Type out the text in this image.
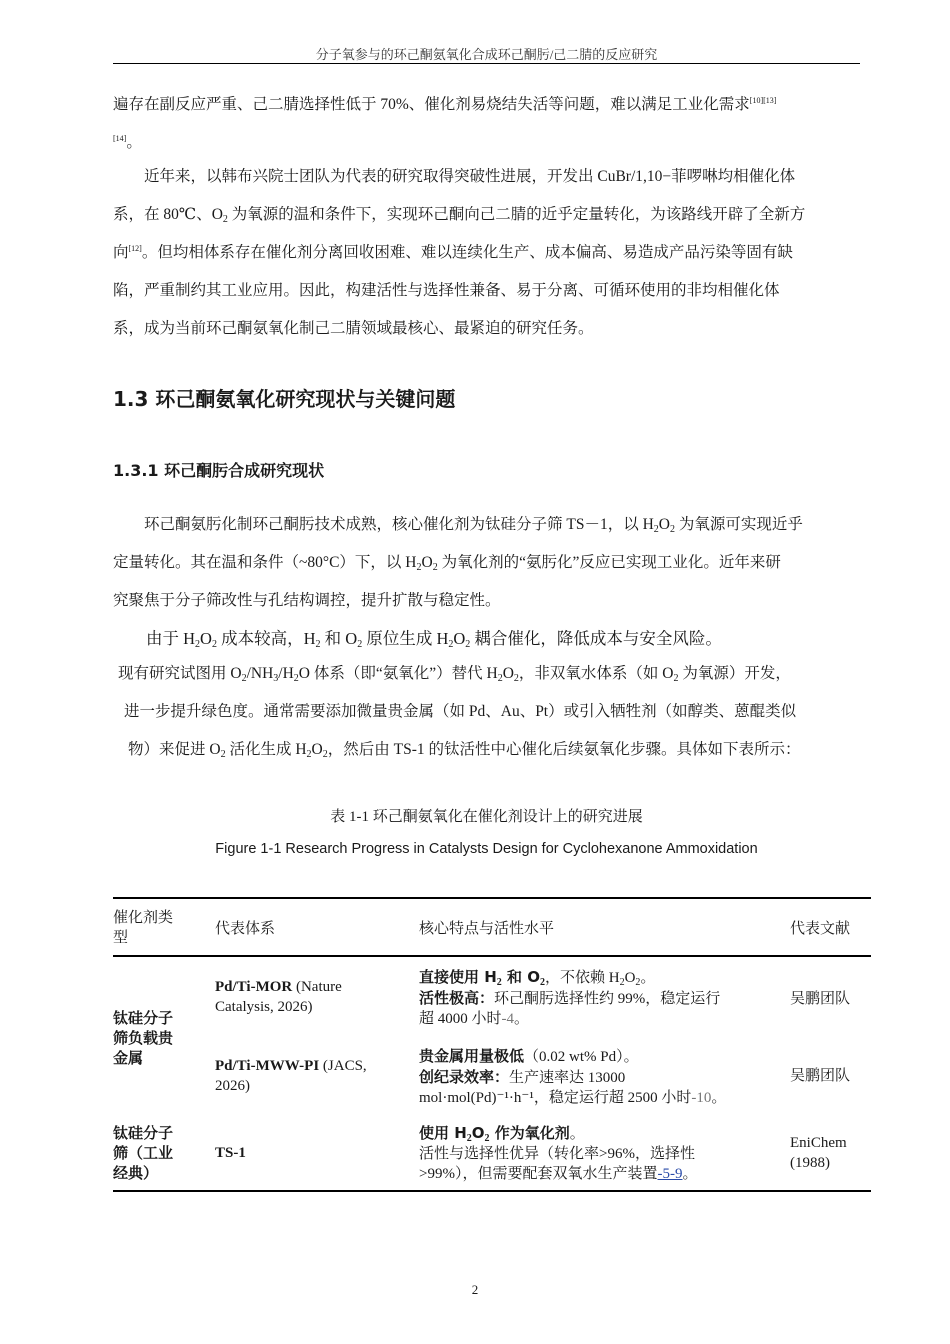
分子氧参与的环己酮氨氧化合成环己酮肟/己二腈的反应研究
遍存在副反应严重、己二腈选择性低于 70%、催化剂易烧结失活等问题，难以满足工业化需求[10][13]
[14]。
近年来，以韩布兴院士团队为代表的研究取得突破性进展，开发出 CuBr/1,10−菲啰啉均相催化体
系，在 80℃、$O_2$ 为氧源的温和条件下，实现环己酮向己二腈的近乎定量转化，为该路线开辟了全新方
向[12]。但均相体系存在催化剂分离回收困难、难以连续化生产、成本偏高、易造成产品污染等固有缺
陷，严重制约其工业应用。因此，构建活性与选择性兼备、易于分离、可循环使用的非均相催化体
系，成为当前环己酮氨氧化制己二腈领域最核心、最紧迫的研究任务。
1.3 环己酮氨氧化研究现状与关键问题
1.3.1 环己酮肟合成研究现状
环己酮氨肟化制环己酮肟技术成熟，核心催化剂为钛硅分子筛 TS－1，以 $H_2O_2$ 为氧源可实现近乎
定量转化。其在温和条件（~80°C）下，以 $H_2O_2$ 为氧化剂的“氨肟化”反应已实现工业化。近年来研
究聚焦于分子筛改性与孔结构调控，提升扩散与稳定性。
由于 $H_2O_2$ 成本较高，$H_2$ 和 $O_2$ 原位生成 $H_2O_2$ 耦合催化，降低成本与安全风险。
现有研究试图用 $O_2/NH_3/H_2O$ 体系（即“氨氧化”）替代 $H_2O_2$，非双氧水体系（如 $O_2$ 为氧源）开发，
进一步提升绿色度。通常需要添加微量贵金属（如 Pd、Au、Pt）或引入牺牲剂（如醇类、蒽醌类似
物）来促进 $O_2$ 活化生成 $H_2O_2$，然后由 TS-1 的钛活性中心催化后续氨氧化步骤。具体如下表所示：
表 1-1 环己酮氨氧化在催化剂设计上的研究进展
Figure 1-1 Research Progress in Catalysts Design for Cyclohexanone Ammoxidation
催化剂类型
代表体系	核心特点与活性水平	代表文献
钛硅分子筛负载贵金属
钛硅分子筛（工业经典）
Pd/Ti-MOR (Nature Catalysis, 2026)
直接使用 $H_2$ 和 $O_2$，不依赖 $H_2O_2$。
活性极高：环己酮肟选择性约 99%，稳定运行
超 4000 小时-4。
吴鹏团队
Pd/Ti-MWW-PI (JACS, 2026)
贵金属用量极低（0.02 wt% Pd）。
创纪录效率：生产速率达 13000
mol·mol(Pd)⁻¹·h⁻¹，稳定运行超 2500 小时-10。
吴鹏团队
TS-1
使用 $H_2O_2$ 作为氧化剂。
活性与选择性优异（转化率>96%，选择性
>99%），但需要配套双氧水生产装置-5-9。
EniChem (1988)
2
